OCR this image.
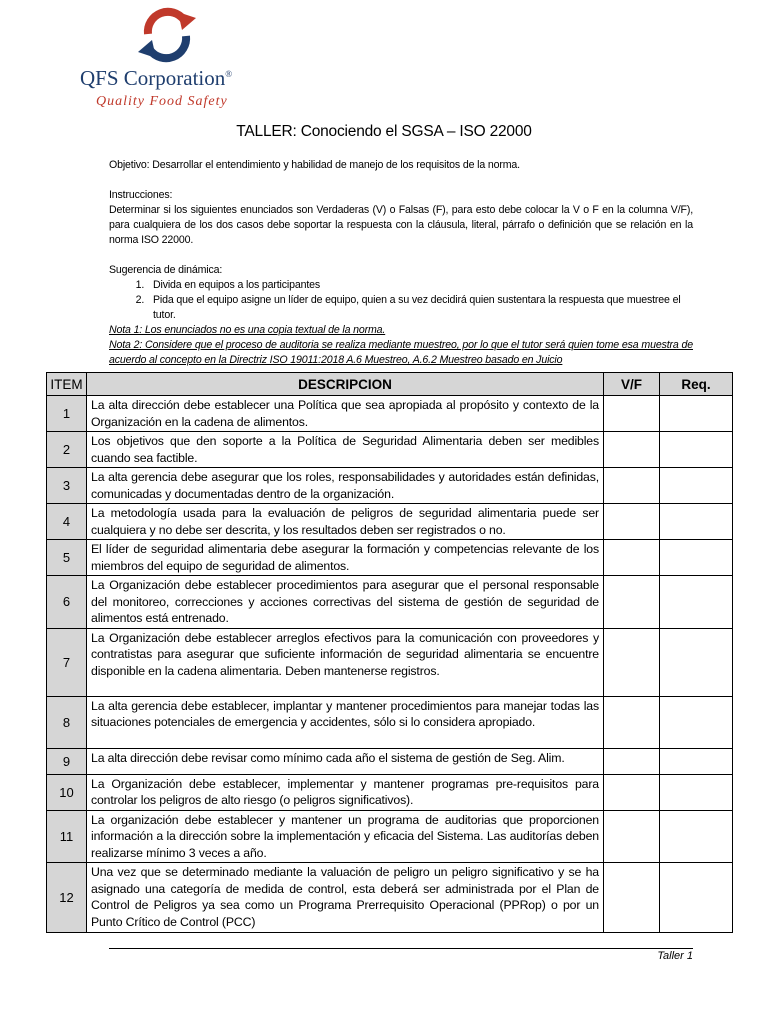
QFS Corporation®
Quality Food Safety
TALLER: Conociendo el SGSA – ISO 22000

Objetivo: Desarrollar el entendimiento y habilidad de manejo de los requisitos de la norma.

Instrucciones:

Determinar si los siguientes enunciados son Verdaderas (V) o Falsas (F), para esto debe colocar la V o F en la columna V/F), para cualquiera de los dos casos debe soportar la respuesta con la cláusula, literal, párrafo o definición que se relación en la norma ISO 22000.

Sugerencia de dinámica:

1. Divida en equipos a los participantes
2. Pida que el equipo asigne un líder de equipo, quien a su vez decidirá quien sustentara la respuesta que muestree el tutor.

Nota 1: Los enunciados no es una copia textual de la norma.

Nota 2: Considere que el proceso de auditoria se realiza mediante muestreo, por lo que el tutor será quien tome esa muestra de acuerdo al concepto en la Directriz ISO 19011:2018 A.6 Muestreo, A.6.2 Muestreo basado en Juicio

ITEM	DESCRIPCION	V/F	Req.
1	La alta dirección debe establecer una Política que sea apropiada al propósito y contexto de la Organización en la cadena de alimentos.		
2	Los objetivos que den soporte a la Política de Seguridad Alimentaria deben ser medibles cuando sea factible.		
3	La alta gerencia debe asegurar que los roles, responsabilidades y autoridades están definidas, comunicadas y documentadas dentro de la organización.		
4	La metodología usada para la evaluación de peligros de seguridad alimentaria puede ser cualquiera y no debe ser descrita, y los resultados deben ser registrados o no.		
5	El líder de seguridad alimentaria debe asegurar la formación y competencias relevante de los miembros del equipo de seguridad de alimentos.		
6	La Organización debe establecer procedimientos para asegurar que el personal responsable del monitoreo, correcciones y acciones correctivas del sistema de gestión de seguridad de alimentos está entrenado.		
7	La Organización debe establecer arreglos efectivos para la comunicación con proveedores y contratistas para asegurar que suficiente información de seguridad alimentaria se encuentre disponible en la cadena alimentaria. Deben mantenerse registros.		
8	La alta gerencia debe establecer, implantar y mantener procedimientos para manejar todas las situaciones potenciales de emergencia y accidentes, sólo si lo considera apropiado.		
9	La alta dirección debe revisar como mínimo cada año el sistema de gestión de Seg. Alim.		
10	La Organización debe establecer, implementar y mantener programas pre-requisitos para controlar los peligros de alto riesgo (o peligros significativos).		
11	La organización debe establecer y mantener un programa de auditorias que proporcionen información a la dirección sobre la implementación y eficacia del Sistema. Las auditorías deben realizarse mínimo 3 veces a año.		
12	Una vez que se determinado mediante la valuación de peligro un peligro significativo y se ha asignado una categoría de medida de control, esta deberá ser administrada por el Plan de Control de Peligros ya sea como un Programa Prerrequisito Operacional (PPRop) o por un Punto Crítico de Control (PCC)		
Taller 1
